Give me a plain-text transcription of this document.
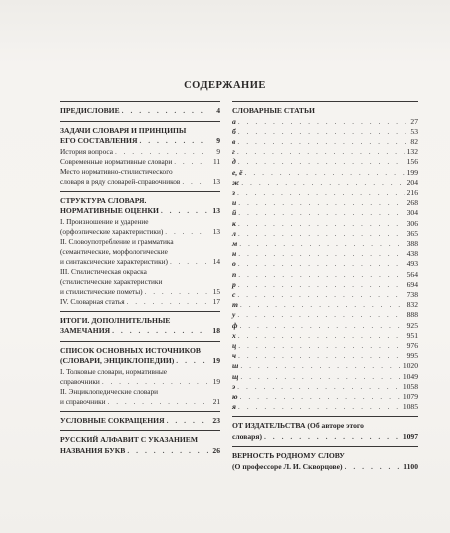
СОДЕРЖАНИЕ
ПРЕДИСЛОВИЕ . . .	4
ЗАДАЧИ СЛОВАРЯ И ПРИНЦИПЫ
ЕГО СОСТАВЛЕНИЯ . . .	9
История вопроса . . .	9
Современные нормативные словари . . .	11
Место нормативно-стилистического
словаря в ряду словарей-справочников . . .	13
СТРУКТУРА СЛОВАРЯ.
НОРМАТИВНЫЕ ОЦЕНКИ . . .	13
I. Произношение и ударение
(орфоэпические характеристики) . . .	13
II. Словоупотребление и грамматика
(семантические, морфологические
и синтаксические характеристики) . . .	14
III. Стилистическая окраска
(стилистические характеристики
и стилистические пометы) . . .	15
IV. Словарная статья . . .	17
ИТОГИ. ДОПОЛНИТЕЛЬНЫЕ
ЗАМЕЧАНИЯ . . .	18
СПИСОК ОСНОВНЫХ ИСТОЧНИКОВ
(СЛОВАРИ, ЭНЦИКЛОПЕДИИ) . . .	19
I. Толковые словари, нормативные
справочники . . .	19
II. Энциклопедические словари
и справочники . . .	21
УСЛОВНЫЕ СОКРАЩЕНИЯ . . .	23
РУССКИЙ АЛФАВИТ С УКАЗАНИЕМ
НАЗВАНИЯ БУКВ . . .	26
СЛОВАРНЫЕ СТАТЬИ
а . . .	27
б . . .	53
в . . .	82
г . . .	132
д . . .	156
е, ё . . .	199
ж . . .	204
з . . .	216
и . . .	268
й . . .	304
к . . .	306
л . . .	365
м . . .	388
н . . .	438
о . . .	493
п . . .	564
р . . .	694
с . . .	738
т . . .	832
у . . .	888
ф . . .	925
х . . .	951
ц . . .	976
ч . . .	995
ш . . .	1020
щ . . .	1049
э . . .	1058
ю . . .	1079
я . . .	1085
ОТ ИЗДАТЕЛЬСТВА (Об авторе этого
словаря) . . .	1097
ВЕРНОСТЬ РОДНОМУ СЛОВУ
(О профессоре Л. И. Скворцове) . . .	1100
